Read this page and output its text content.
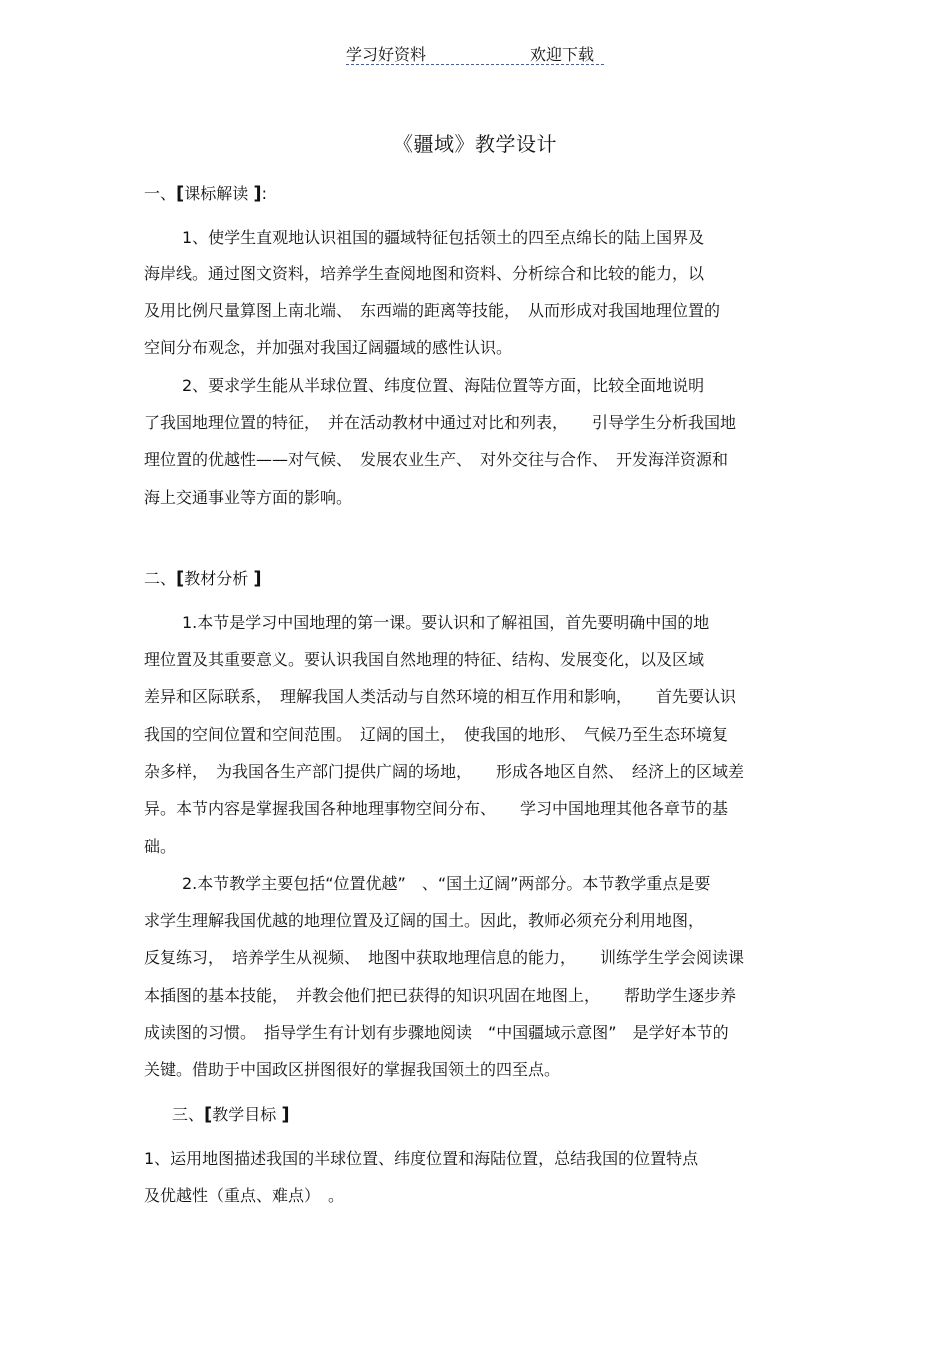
学习好资料	欢迎下载
《疆域》教学设计
一、[课标解读 ]:
1、使学生直观地认识祖国的疆域特征包括领土的四至点绵长的陆上国界及
海岸线。通过图文资料，培养学生查阅地图和资料、分析综合和比较的能力，以
及用比例尺量算图上南北端、　东西端的距离等技能，　从而形成对我国地理位置的
空间分布观念，并加强对我国辽阔疆域的感性认识。
2、要求学生能从半球位置、纬度位置、海陆位置等方面，比较全面地说明
了我国地理位置的特征，　并在活动教材中通过对比和列表，　　引导学生分析我国地
理位置的优越性——对气候、　发展农业生产、　对外交往与合作、　开发海洋资源和
海上交通事业等方面的影响。
二、[教材分析 ]
1.本节是学习中国地理的第一课。要认识和了解祖国，首先要明确中国的地
理位置及其重要意义。要认识我国自然地理的特征、结构、发展变化，以及区域
差异和区际联系，　理解我国人类活动与自然环境的相互作用和影响，　　首先要认识
我国的空间位置和空间范围。　辽阔的国土，　使我国的地形、　气候乃至生态环境复
杂多样，　为我国各生产部门提供广阔的场地，　　形成各地区自然、　经济上的区域差
异。本节内容是掌握我国各种地理事物空间分布、　　学习中国地理其他各章节的基
础。
2.本节教学主要包括“位置优越”　、“国土辽阔”两部分。本节教学重点是要
求学生理解我国优越的地理位置及辽阔的国土。因此，教师必须充分利用地图，
反复练习，　培养学生从视频、　地图中获取地理信息的能力，　　训练学生学会阅读课
本插图的基本技能，　并教会他们把已获得的知识巩固在地图上，　　帮助学生逐步养
成读图的习惯。　指导学生有计划有步骤地阅读　“中国疆域示意图”　是学好本节的
关键。借助于中国政区拼图很好的掌握我国领土的四至点。
三、[教学目标 ]
1、运用地图描述我国的半球位置、纬度位置和海陆位置，总结我国的位置特点
及优越性（重点、难点）　。
